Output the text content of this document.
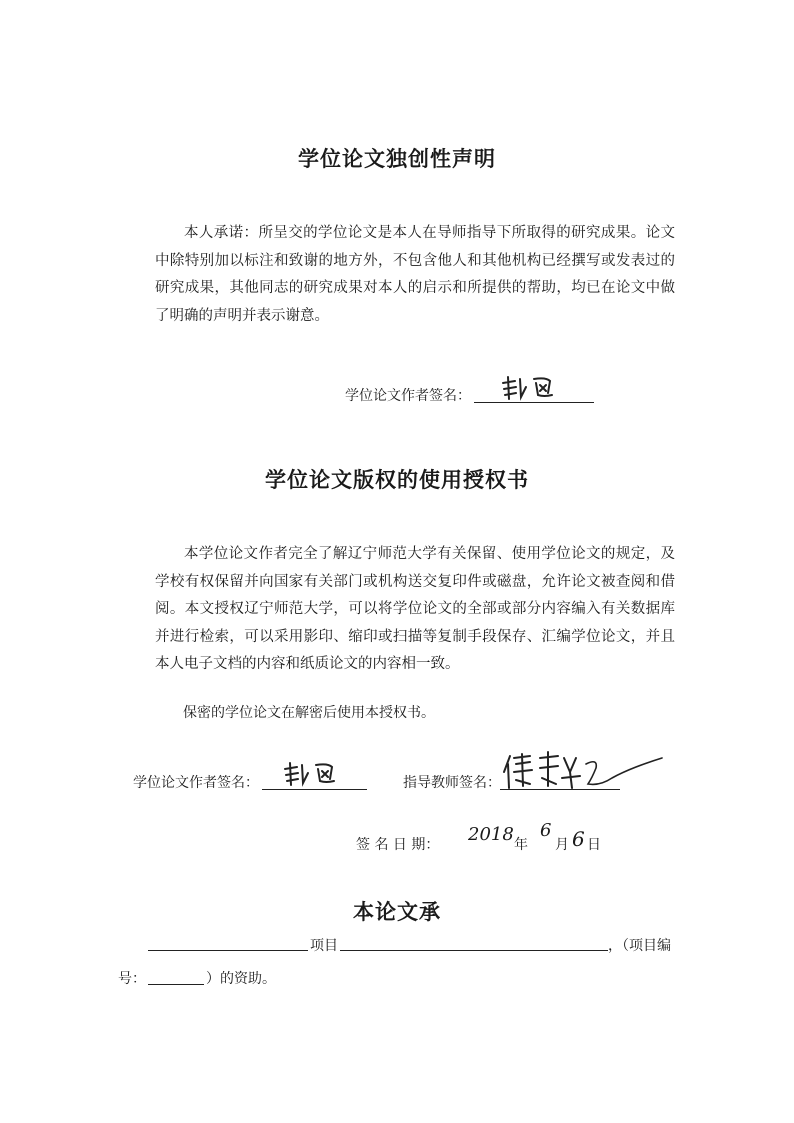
学位论文独创性声明
本人承诺：所呈交的学位论文是本人在导师指导下所取得的研究成果。论文中除特别加以标注和致谢的地方外，不包含他人和其他机构已经撰写或发表过的研究成果，其他同志的研究成果对本人的启示和所提供的帮助，均已在论文中做了明确的声明并表示谢意。
学位论文作者签名：
学位论文版权的使用授权书
本学位论文作者完全了解辽宁师范大学有关保留、使用学位论文的规定，及学校有权保留并向国家有关部门或机构送交复印件或磁盘，允许论文被查阅和借阅。本文授权辽宁师范大学，可以将学位论文的全部或部分内容编入有关数据库并进行检索，可以采用影印、缩印或扫描等复制手段保存、汇编学位论文，并且本人电子文档的内容和纸质论文的内容相一致。
保密的学位论文在解密后使用本授权书。
学位论文作者签名：	指导教师签名：
签 名 日 期： 2018 年
6
月 6 日
本论文承
项目	，（项目编
号：	）的资助。
